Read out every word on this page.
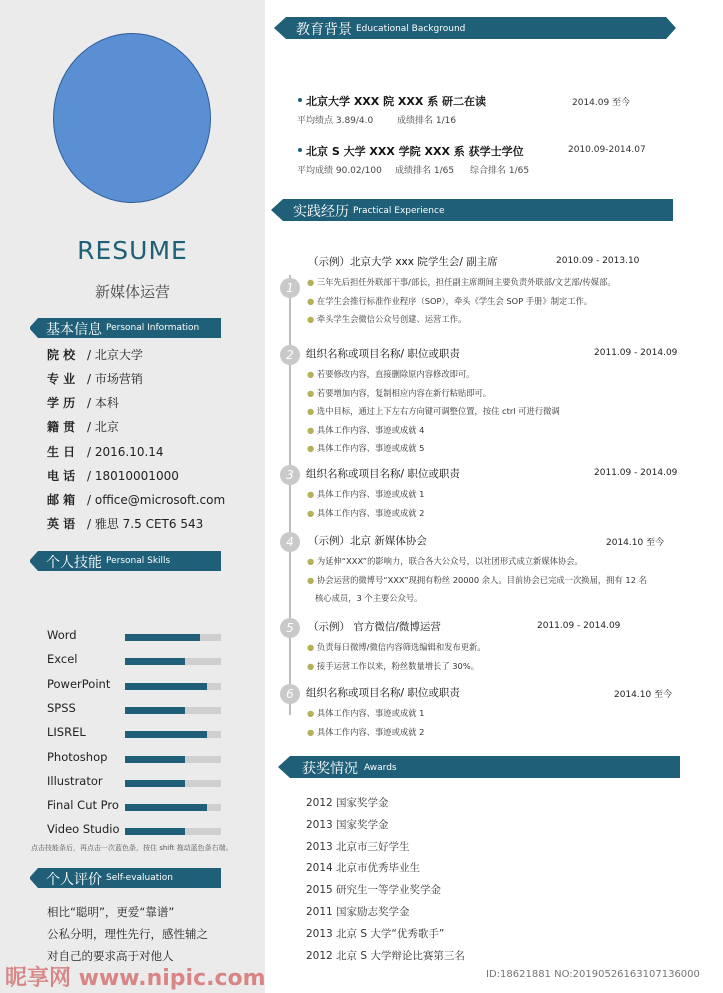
RESUME
新媒体运营
基本信息 Personal Information
院 校 / 北京大学
专 业 / 市场营销
学 历 / 本科
籍 贯 / 北京
生 日 / 2016.10.14
电 话 / 18010001000
邮 箱 / office@microsoft.com
英 语 / 雅思 7.5 CET6 543
个人技能 Personal Skills
Word
Excel
PowerPoint
SPSS
LISREL
Photoshop
Illustrator
Final Cut Pro
Video Studio
点击技能条后，再点击一次蓝色条，按住 shift 拖动蓝色条右端。
个人评价 Self-evaluation
相比“聪明”，更爱“靠谱”
公私分明，理性先行，感性辅之
对自己的要求高于对他人
教育背景 Educational Background
北京大学 XXX 院 XXX 系 研二在读	2014.09 至今
平均绩点 3.89/4.0	成绩排名 1/16
北京 S 大学 XXX 学院 XXX 系 获学士学位	2010.09-2014.07
平均成绩 90.02/100 成绩排名 1/65 综合排名 1/65
实践经历 Practical Experience
1
（示例）北京大学 xxx 院学生会/ 副主席	2010.09 - 2013.10
● 三年先后担任外联部干事/部长，担任副主席期间主要负责外联部/文艺部/传媒部。
● 在学生会推行标准作业程序（SOP），牵头《学生会 SOP 手册》制定工作。
● 牵头学生会微信公众号创建、运营工作。
2	组织名称或项目名称/ 职位或职责	2011.09 - 2014.09
● 若要修改内容，直接删除原内容修改即可。
● 若要增加内容，复制相应内容在新行粘贴即可。
● 选中目标，通过上下左右方向键可调整位置，按住 ctrl 可进行微调
● 具体工作内容、事迹或成就 4
● 具体工作内容、事迹或成就 5
3	组织名称或项目名称/ 职位或职责	2011.09 - 2014.09
● 具体工作内容、事迹或成就 1
● 具体工作内容、事迹或成就 2
4	（示例）北京 新媒体协会	2014.10 至今
● 为延伸“XXX”的影响力，联合各大公众号，以社团形式成立新媒体协会。
● 协会运营的微博号“XXX”现拥有粉丝 20000 余人。目前协会已完成一次换届，拥有 12 名
核心成员，3 个主要公众号。
5	（示例） 官方微信/微博运营	2011.09 - 2014.09
● 负责每日微博/微信内容筛选编辑和发布更新。
● 接手运营工作以来，粉丝数量增长了 30%。
6	组织名称或项目名称/ 职位或职责	2014.10 至今
● 具体工作内容、事迹或成就 1
● 具体工作内容、事迹或成就 2
获奖情况 Awards
2012 国家奖学金
2013 国家奖学金
2013 北京市三好学生
2014 北京市优秀毕业生
2015 研究生一等学业奖学金
2011 国家励志奖学金
2013 北京 S 大学“优秀歌手”
2012 北京 S 大学辩论比赛第三名
昵享网 www.nipic.com	ID:18621881 NO:20190526163107136000
